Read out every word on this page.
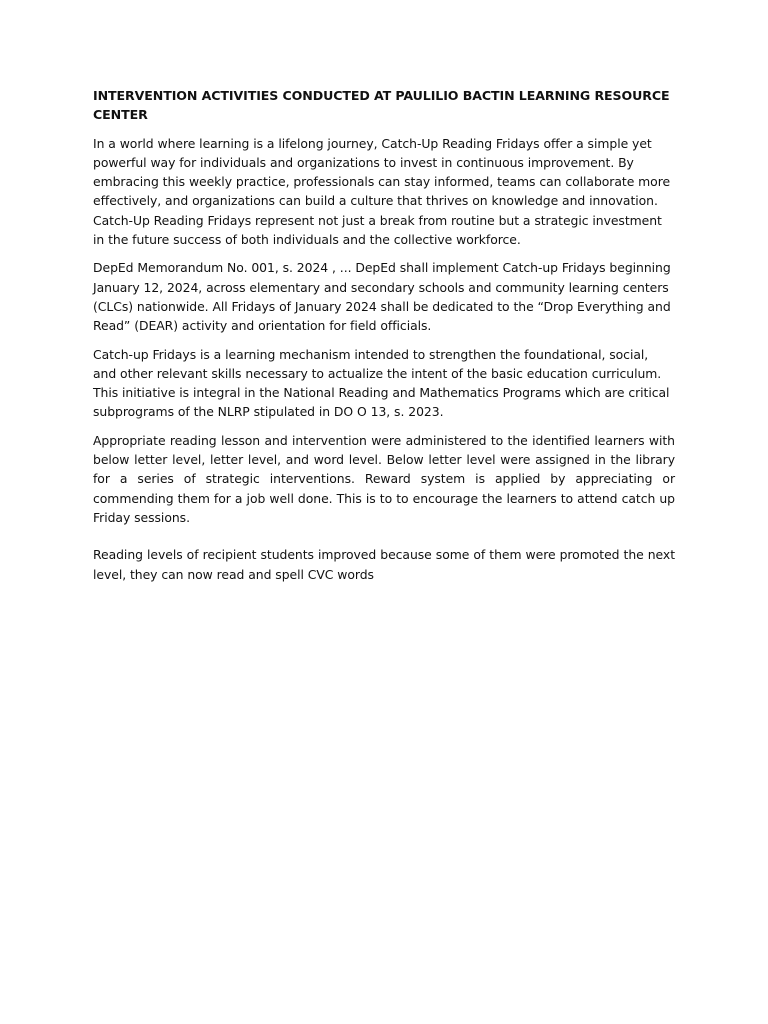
INTERVENTION ACTIVITIES CONDUCTED AT PAULILIO BACTIN LEARNING RESOURCE CENTER
In a world where learning is a lifelong journey, Catch-Up Reading Fridays offer a simple yet powerful way for individuals and organizations to invest in continuous improvement. By embracing this weekly practice, professionals can stay informed, teams can collaborate more effectively, and organizations can build a culture that thrives on knowledge and innovation. Catch-Up Reading Fridays represent not just a break from routine but a strategic investment in the future success of both individuals and the collective workforce.
DepEd Memorandum No. 001, s. 2024 , ... DepEd shall implement Catch-up Fridays beginning January 12, 2024, across elementary and secondary schools and community learning centers (CLCs) nationwide. All Fridays of January 2024 shall be dedicated to the “Drop Everything and Read” (DEAR) activity and orientation for field officials.
Catch-up Fridays is a learning mechanism intended to strengthen the foundational, social, and other relevant skills necessary to actualize the intent of the basic education curriculum. This initiative is integral in the National Reading and Mathematics Programs which are critical subprograms of the NLRP stipulated in DO O 13, s. 2023.
Appropriate reading lesson and intervention were administered to the identified learners with below letter level, letter level, and word level. Below letter level were assigned in the library for a series of strategic interventions. Reward system is applied by appreciating or commending them for a job well done. This is to to encourage the learners to attend catch up Friday sessions.
Reading levels of recipient students improved because some of them were promoted the next level, they can now read and spell CVC words
